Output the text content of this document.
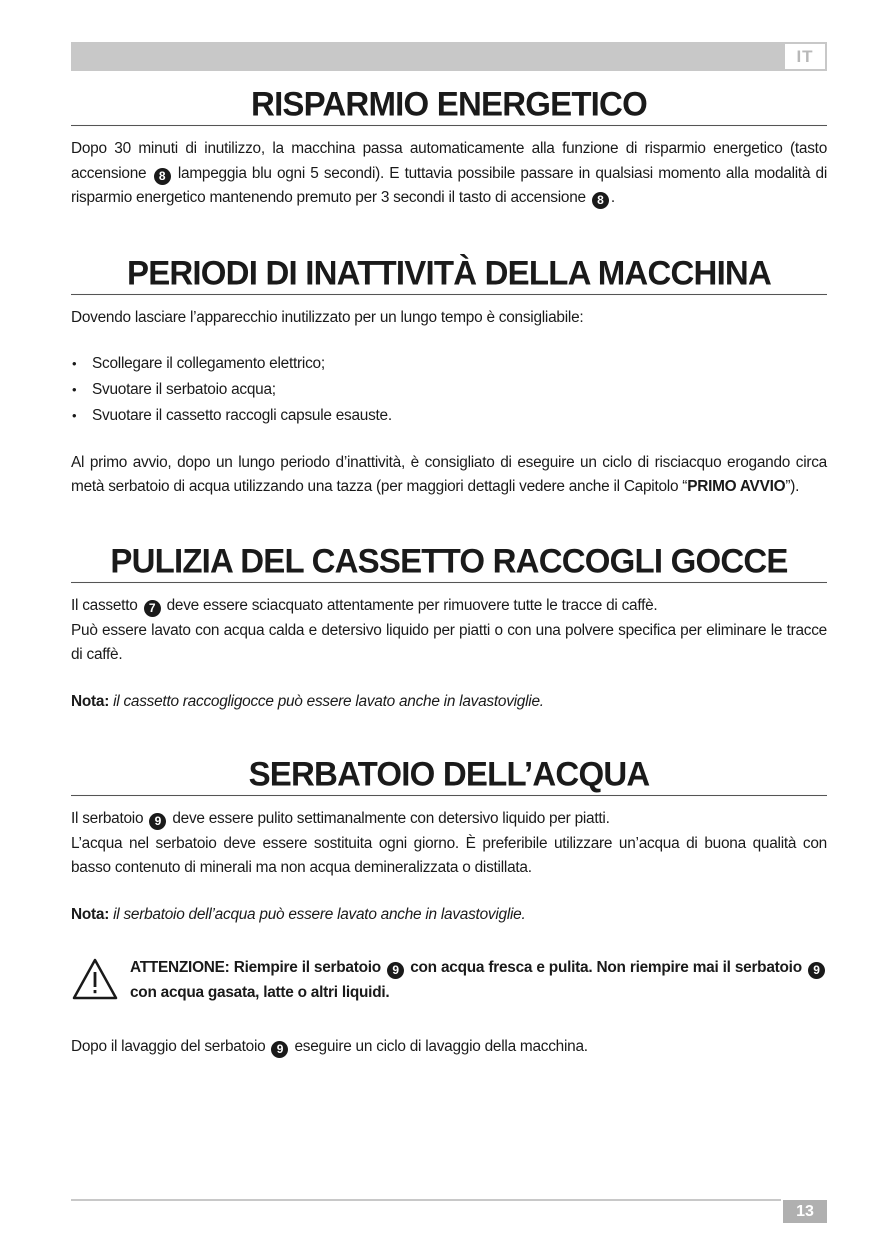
IT
RISPARMIO ENERGETICO

Dopo 30 minuti di inutilizzo, la macchina passa automaticamente alla funzione di risparmio energetico (tasto accensione 8 lampeggia blu ogni 5 secondi). E tuttavia possibile passare in qualsiasi momento alla modalità di risparmio energetico mantenendo premuto per 3 secondi il tasto di accensione 8 .

PERIODI DI INATTIVITÀ DELLA MACCHINA

Dovendo lasciare l’apparecchio inutilizzato per un lungo tempo è consigliabile:

• Scollegare il collegamento elettrico;
• Svuotare il serbatoio acqua;
• Svuotare il cassetto raccogli capsule esauste.

Al primo avvio, dopo un lungo periodo d’inattività, è consigliato di eseguire un ciclo di risciacquo erogando circa metà serbatoio di acqua utilizzando una tazza (per maggiori dettagli vedere anche il Capitolo “PRIMO AVVIO”).

PULIZIA DEL CASSETTO RACCOGLI GOCCE

Il cassetto 7 deve essere sciacquato attentamente per rimuovere tutte le tracce di caffè.

Può essere lavato con acqua calda e detersivo liquido per piatti o con una polvere specifica per eliminare le tracce di caffè.

Nota: il cassetto raccogligocce può essere lavato anche in lavastoviglie.

SERBATOIO DELL’ACQUA

Il serbatoio 9 deve essere pulito settimanalmente con detersivo liquido per piatti.

L’acqua nel serbatoio deve essere sostituita ogni giorno. È preferibile utilizzare un’acqua di buona qualità con basso contenuto di minerali ma non acqua demineralizzata o distillata.

Nota: il serbatoio dell’acqua può essere lavato anche in lavastoviglie.

ATTENZIONE: Riempire il serbatoio 9 con acqua fresca e pulita. Non riempire mai il serbatoio 9 con acqua gasata, latte o altri liquidi.

Dopo il lavaggio del serbatoio 9 eseguire un ciclo di lavaggio della macchina.

13
